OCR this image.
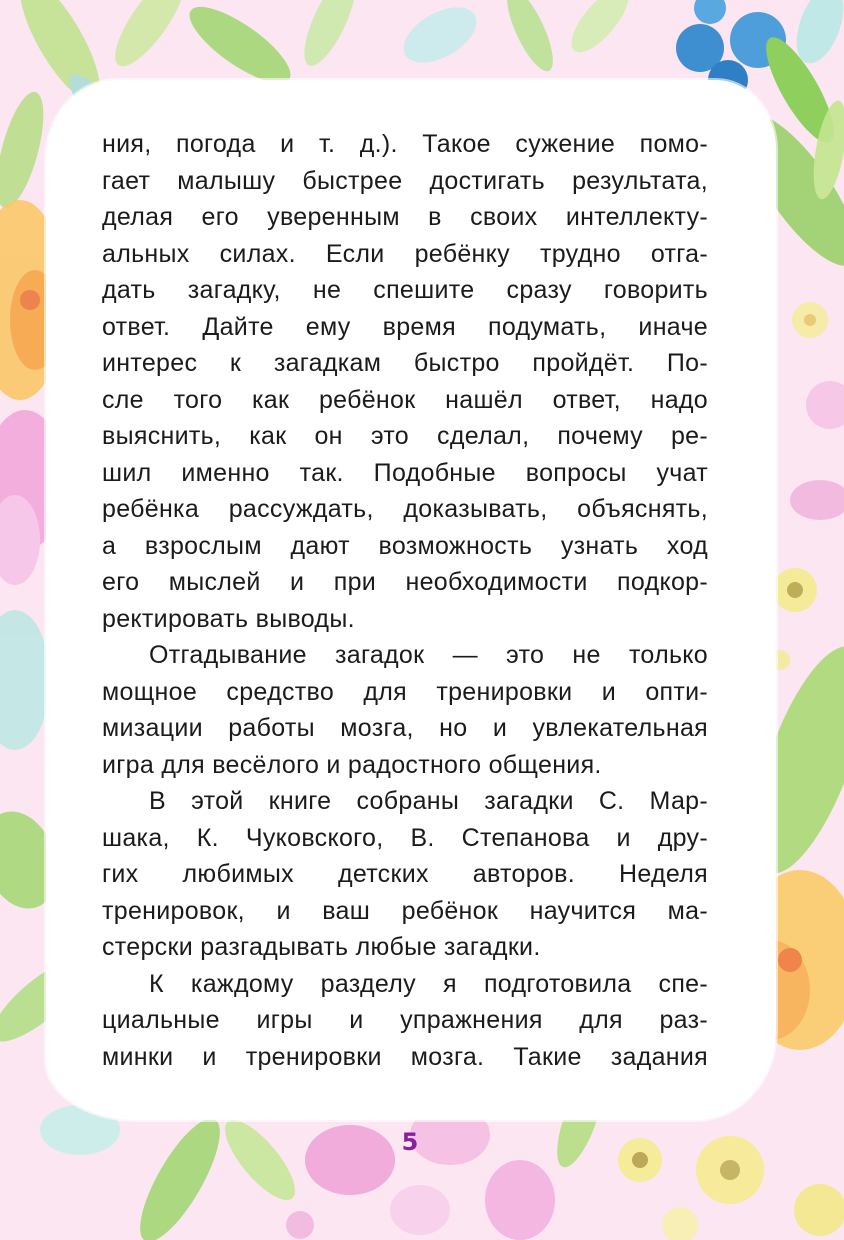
ния, погода и т. д.). Такое сужение помо-
гает малышу быстрее достигать результата,
делая его уверенным в своих интеллекту-
альных силах. Если ребёнку трудно отга-
дать загадку, не спешите сразу говорить
ответ. Дайте ему время подумать, иначе
интерес к загадкам быстро пройдёт. По-
сле того как ребёнок нашёл ответ, надо
выяснить, как он это сделал, почему ре-
шил именно так. Подобные вопросы учат
ребёнка рассуждать, доказывать, объяснять,
а взрослым дают возможность узнать ход
его мыслей и при необходимости подкор-
ректировать выводы.
Отгадывание загадок — это не только
мощное средство для тренировки и опти-
мизации работы мозга, но и увлекательная
игра для весёлого и радостного общения.
В этой книге собраны загадки С. Мар-
шака, К. Чуковского, В. Степанова и дру-
гих любимых детских авторов. Неделя
тренировок, и ваш ребёнок научится ма-
стерски разгадывать любые загадки.
К каждому разделу я подготовила спе-
циальные игры и упражнения для раз-
минки и тренировки мозга. Такие задания
5
